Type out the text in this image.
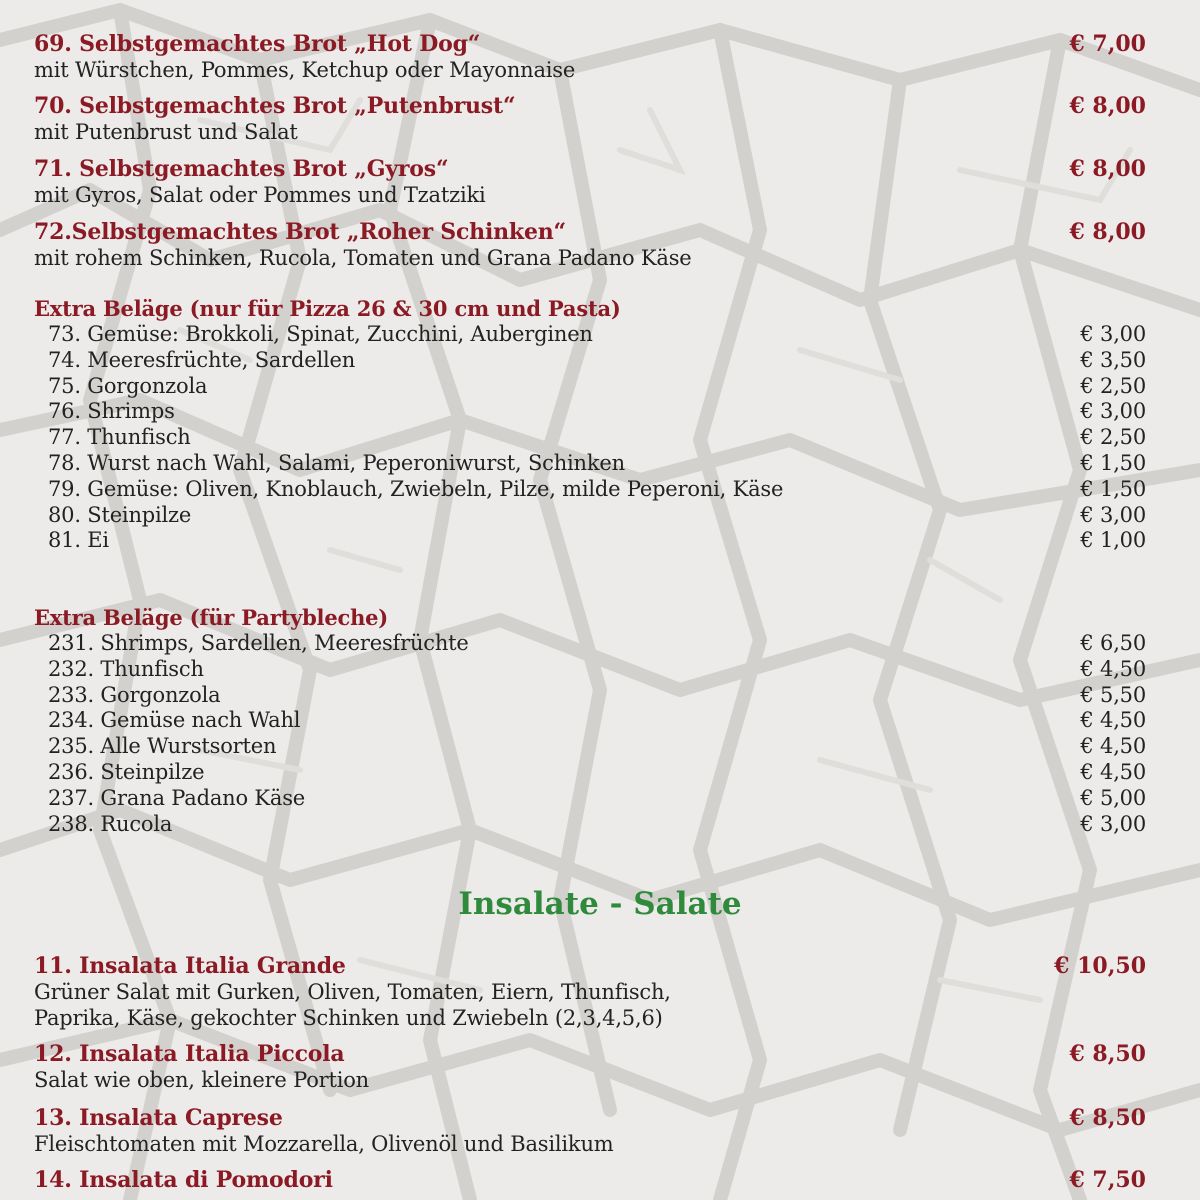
69. Selbstgemachtes Brot „Hot Dog“	€ 7,00
mit Würstchen, Pommes, Ketchup oder Mayonnaise
70. Selbstgemachtes Brot „Putenbrust“	€ 8,00
mit Putenbrust und Salat
71. Selbstgemachtes Brot „Gyros“	€ 8,00
mit Gyros, Salat oder Pommes und Tzatziki
72.Selbstgemachtes Brot „Roher Schinken“	€ 8,00
mit rohem Schinken, Rucola, Tomaten und Grana Padano Käse
Extra Beläge (nur für Pizza 26 & 30 cm und Pasta)
73. Gemüse: Brokkoli, Spinat, Zucchini, Auberginen	€ 3,00
74. Meeresfrüchte, Sardellen	€ 3,50
75. Gorgonzola	€ 2,50
76. Shrimps	€ 3,00
77. Thunfisch	€ 2,50
78. Wurst nach Wahl, Salami, Peperoniwurst, Schinken	€ 1,50
79. Gemüse: Oliven, Knoblauch, Zwiebeln, Pilze, milde Peperoni, Käse	€ 1,50
80. Steinpilze	€ 3,00
81. Ei	€ 1,00
Extra Beläge (für Partybleche)
231. Shrimps, Sardellen, Meeresfrüchte	€ 6,50
232. Thunfisch	€ 4,50
233. Gorgonzola	€ 5,50
234. Gemüse nach Wahl	€ 4,50
235. Alle Wurstsorten	€ 4,50
236. Steinpilze	€ 4,50
237. Grana Padano Käse	€ 5,00
238. Rucola	€ 3,00
Insalate - Salate
11. Insalata Italia Grande	€ 10,50
Grüner Salat mit Gurken, Oliven, Tomaten, Eiern, Thunfisch,
Paprika, Käse, gekochter Schinken und Zwiebeln (2,3,4,5,6)
12. Insalata Italia Piccola	€ 8,50
Salat wie oben, kleinere Portion
13. Insalata Caprese	€ 8,50
Fleischtomaten mit Mozzarella, Olivenöl und Basilikum
14. Insalata di Pomodori	€ 7,50
